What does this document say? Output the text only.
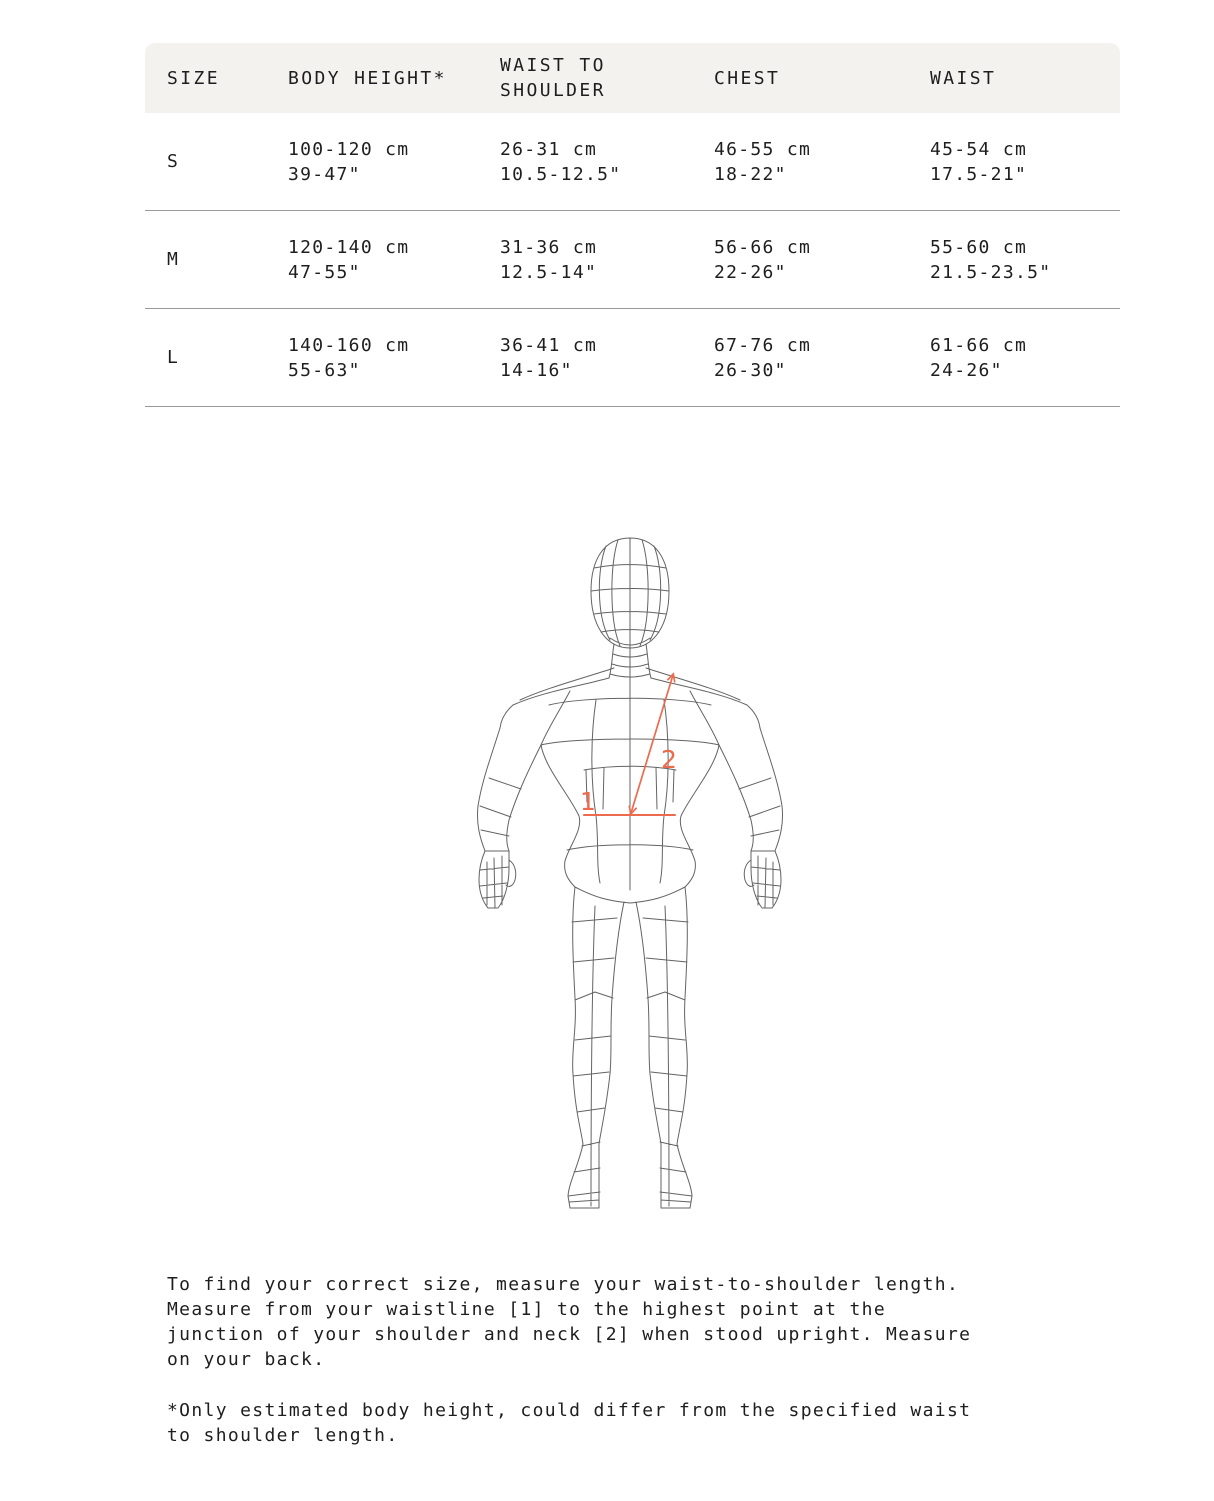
SIZE	BODY HEIGHT*
WAIST TO SHOULDER
CHEST	WAIST
S
100-120 cm
39-47"
26-31 cm
10.5-12.5"
46-55 cm
18-22"
45-54 cm
17.5-21"
M
120-140 cm
47-55"
31-36 cm
12.5-14"
56-66 cm
22-26"
55-60 cm
21.5-23.5"
L
140-160 cm
55-63"
36-41 cm
14-16"
67-76 cm
26-30"
61-66 cm
24-26"
1
2
To find your correct size, measure your waist-to-shoulder length.
Measure from your waistline [1] to the highest point at the
junction of your shoulder and neck [2] when stood upright. Measure
on your back.
*Only estimated body height, could differ from the specified waist
to shoulder length.
